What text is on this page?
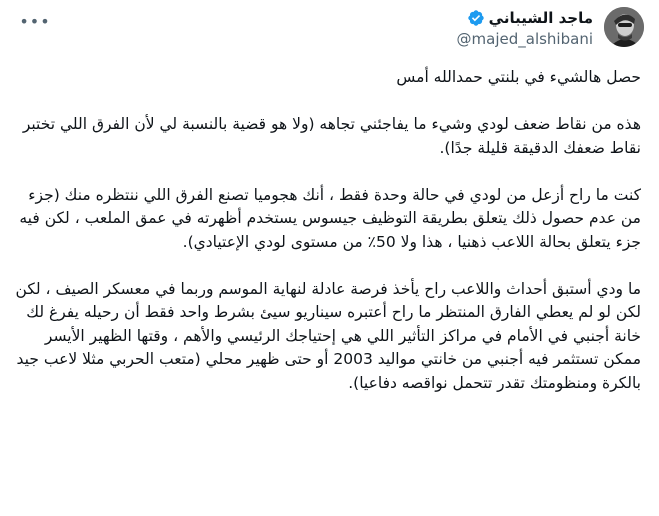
•••	ماجد الشيباني
@majed_alshibani

حصل هالشيء في بلنتي حمدالله أمس

هذه من نقاط ضعف لودي وشيء ما يفاجئني تجاهه (ولا هو قضية بالنسبة لي لأن الفرق اللي تختبر نقاط ضعفك الدقيقة قليلة جدًا).

كنت ما راح أزعل من لودي في حالة وحدة فقط ، أنك هجوميا تصنع الفرق اللي ننتظره منك (جزء من عدم حصول ذلك يتعلق بطريقة التوظيف جيسوس يستخدم أظهرته في عمق الملعب ، لكن فيه جزء يتعلق بحالة اللاعب ذهنيا ، هذا ولا 50٪ من مستوى لودي الإعتيادي).

ما ودي أستبق أحداث واللاعب راح يأخذ فرصة عادلة لنهاية الموسم وربما في معسكر الصيف ، لكن لكن لو لم يعطي الفارق المنتظر ما راح أعتبره سيناريو سيئ بشرط واحد فقط أن رحيله يفرغ لك خانة أجنبي في الأمام في مراكز التأثير اللي هي إحتياجك الرئيسي والأهم ، وقتها الظهير الأيسر ممكن تستثمر فيه أجنبي من خانتي مواليد 2003 أو حتى ظهير محلي (متعب الحربي مثلا لاعب جيد بالكرة ومنظومتك تقدر تتحمل نواقصه دفاعيا).
